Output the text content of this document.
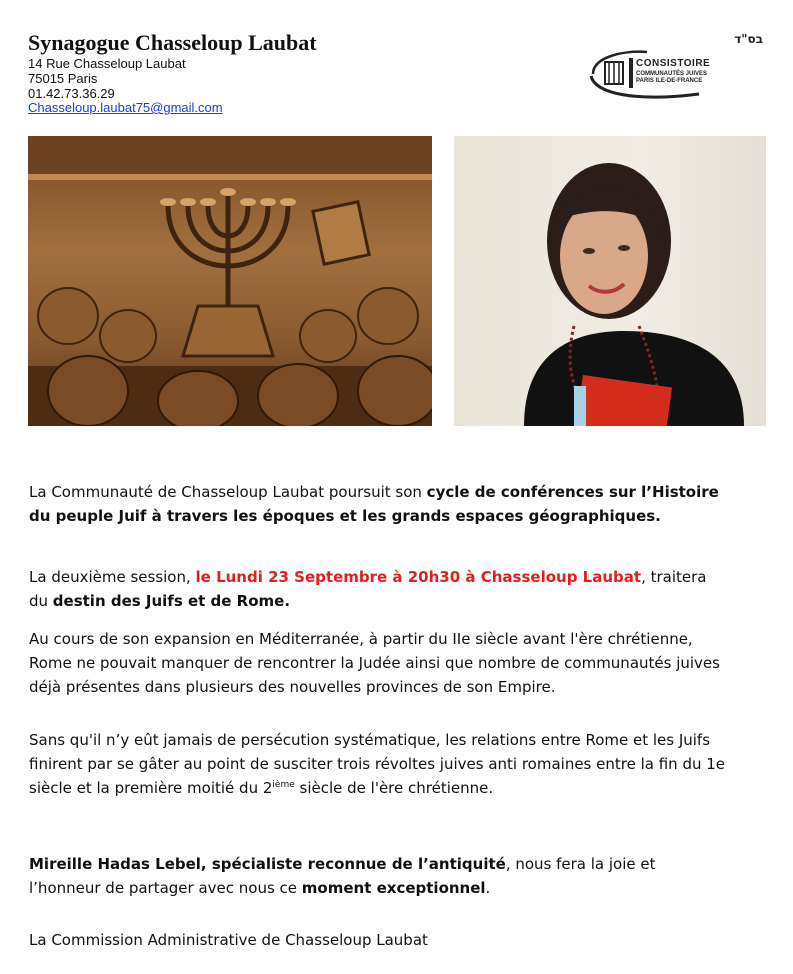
Synagogue Chasseloup Laubat
14 Rue Chasseloup Laubat
75015 Paris
01.42.73.36.29
Chasseloup.laubat75@gmail.com
בס"ד
CONSISTOIRE
COMMUNAUTÉS JUIVES
PARIS ILE-DE-FRANCE
La Communauté de Chasseloup Laubat poursuit son cycle de conférences sur l’Histoire du peuple Juif à travers les époques et les grands espaces géographiques.
La deuxième session, le Lundi 23 Septembre à 20h30 à Chasseloup Laubat, traitera du destin des Juifs et de Rome.
Au cours de son expansion en Méditerranée, à partir du IIe siècle avant l'ère chrétienne, Rome ne pouvait manquer de rencontrer la Judée ainsi que nombre de communautés juives déjà présentes dans plusieurs des nouvelles provinces de son Empire.
Sans qu'il n’y eût jamais de persécution systématique, les relations entre Rome et les Juifs finirent par se gâter au point de susciter trois révoltes juives anti romaines entre la fin du 1e siècle et la première moitié du 2ième siècle de l'ère chrétienne.
Mireille Hadas Lebel, spécialiste reconnue de l’antiquité, nous fera la joie et l’honneur de partager avec nous ce moment exceptionnel.
La Commission Administrative de Chasseloup Laubat
